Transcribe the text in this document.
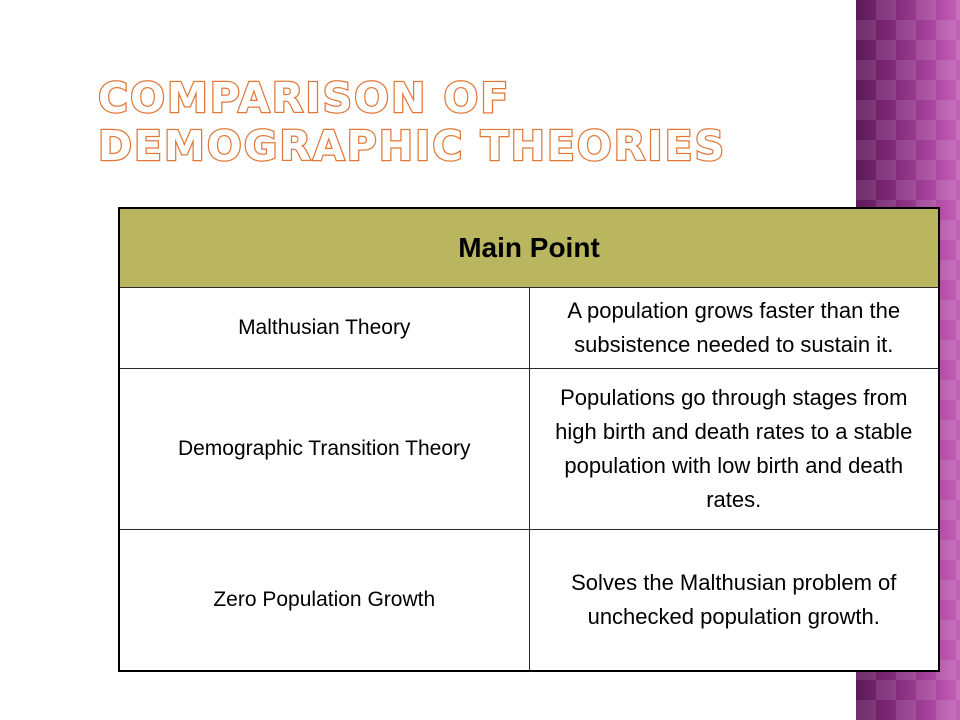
COMPARISON OF DEMOGRAPHIC THEORIES
Main Point	
Malthusian Theory	A population grows faster than the subsistence needed to sustain it.
Demographic Transition Theory	Populations go through stages from high birth and death rates to a stable population with low birth and death rates.
Zero Population Growth	Solves the Malthusian problem of unchecked population growth.
